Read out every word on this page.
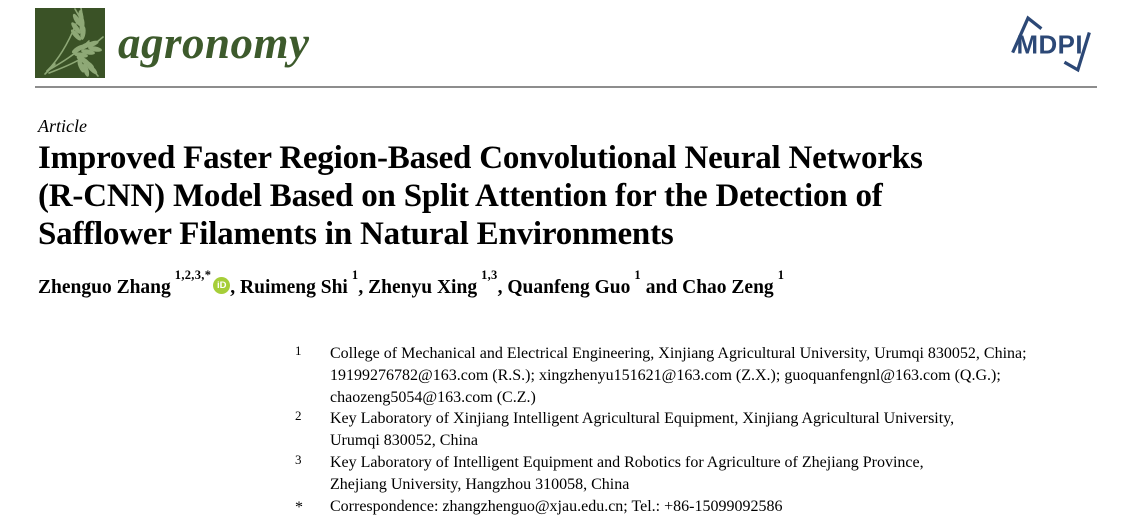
agronomy	MDPI
Article
Improved Faster Region-Based Convolutional Neural Networks
(R-CNN) Model Based on Split Attention for the Detection of
Safflower Filaments in Natural Environments

Zhenguo Zhang$^{1,2,3,*}$iD , Ruimeng Shi$^1$, Zhenyu Xing$^{1,3}$, Quanfeng Guo$^1$ and Chao Zeng$^1$

1	College of Mechanical and Electrical Engineering, Xinjiang Agricultural University, Urumqi 830052, China;
19199276782@163.com (R.S.); xingzhenyu151621@163.com (Z.X.); guoquanfengnl@163.com (Q.G.);
chaozeng5054@163.com (C.Z.)
2	Key Laboratory of Xinjiang Intelligent Agricultural Equipment, Xinjiang Agricultural University,
Urumqi 830052, China
3	Key Laboratory of Intelligent Equipment and Robotics for Agriculture of Zhejiang Province,
Zhejiang University, Hangzhou 310058, China
*	Correspondence: zhangzhenguo@xjau.edu.cn; Tel.: +86-15099092586
